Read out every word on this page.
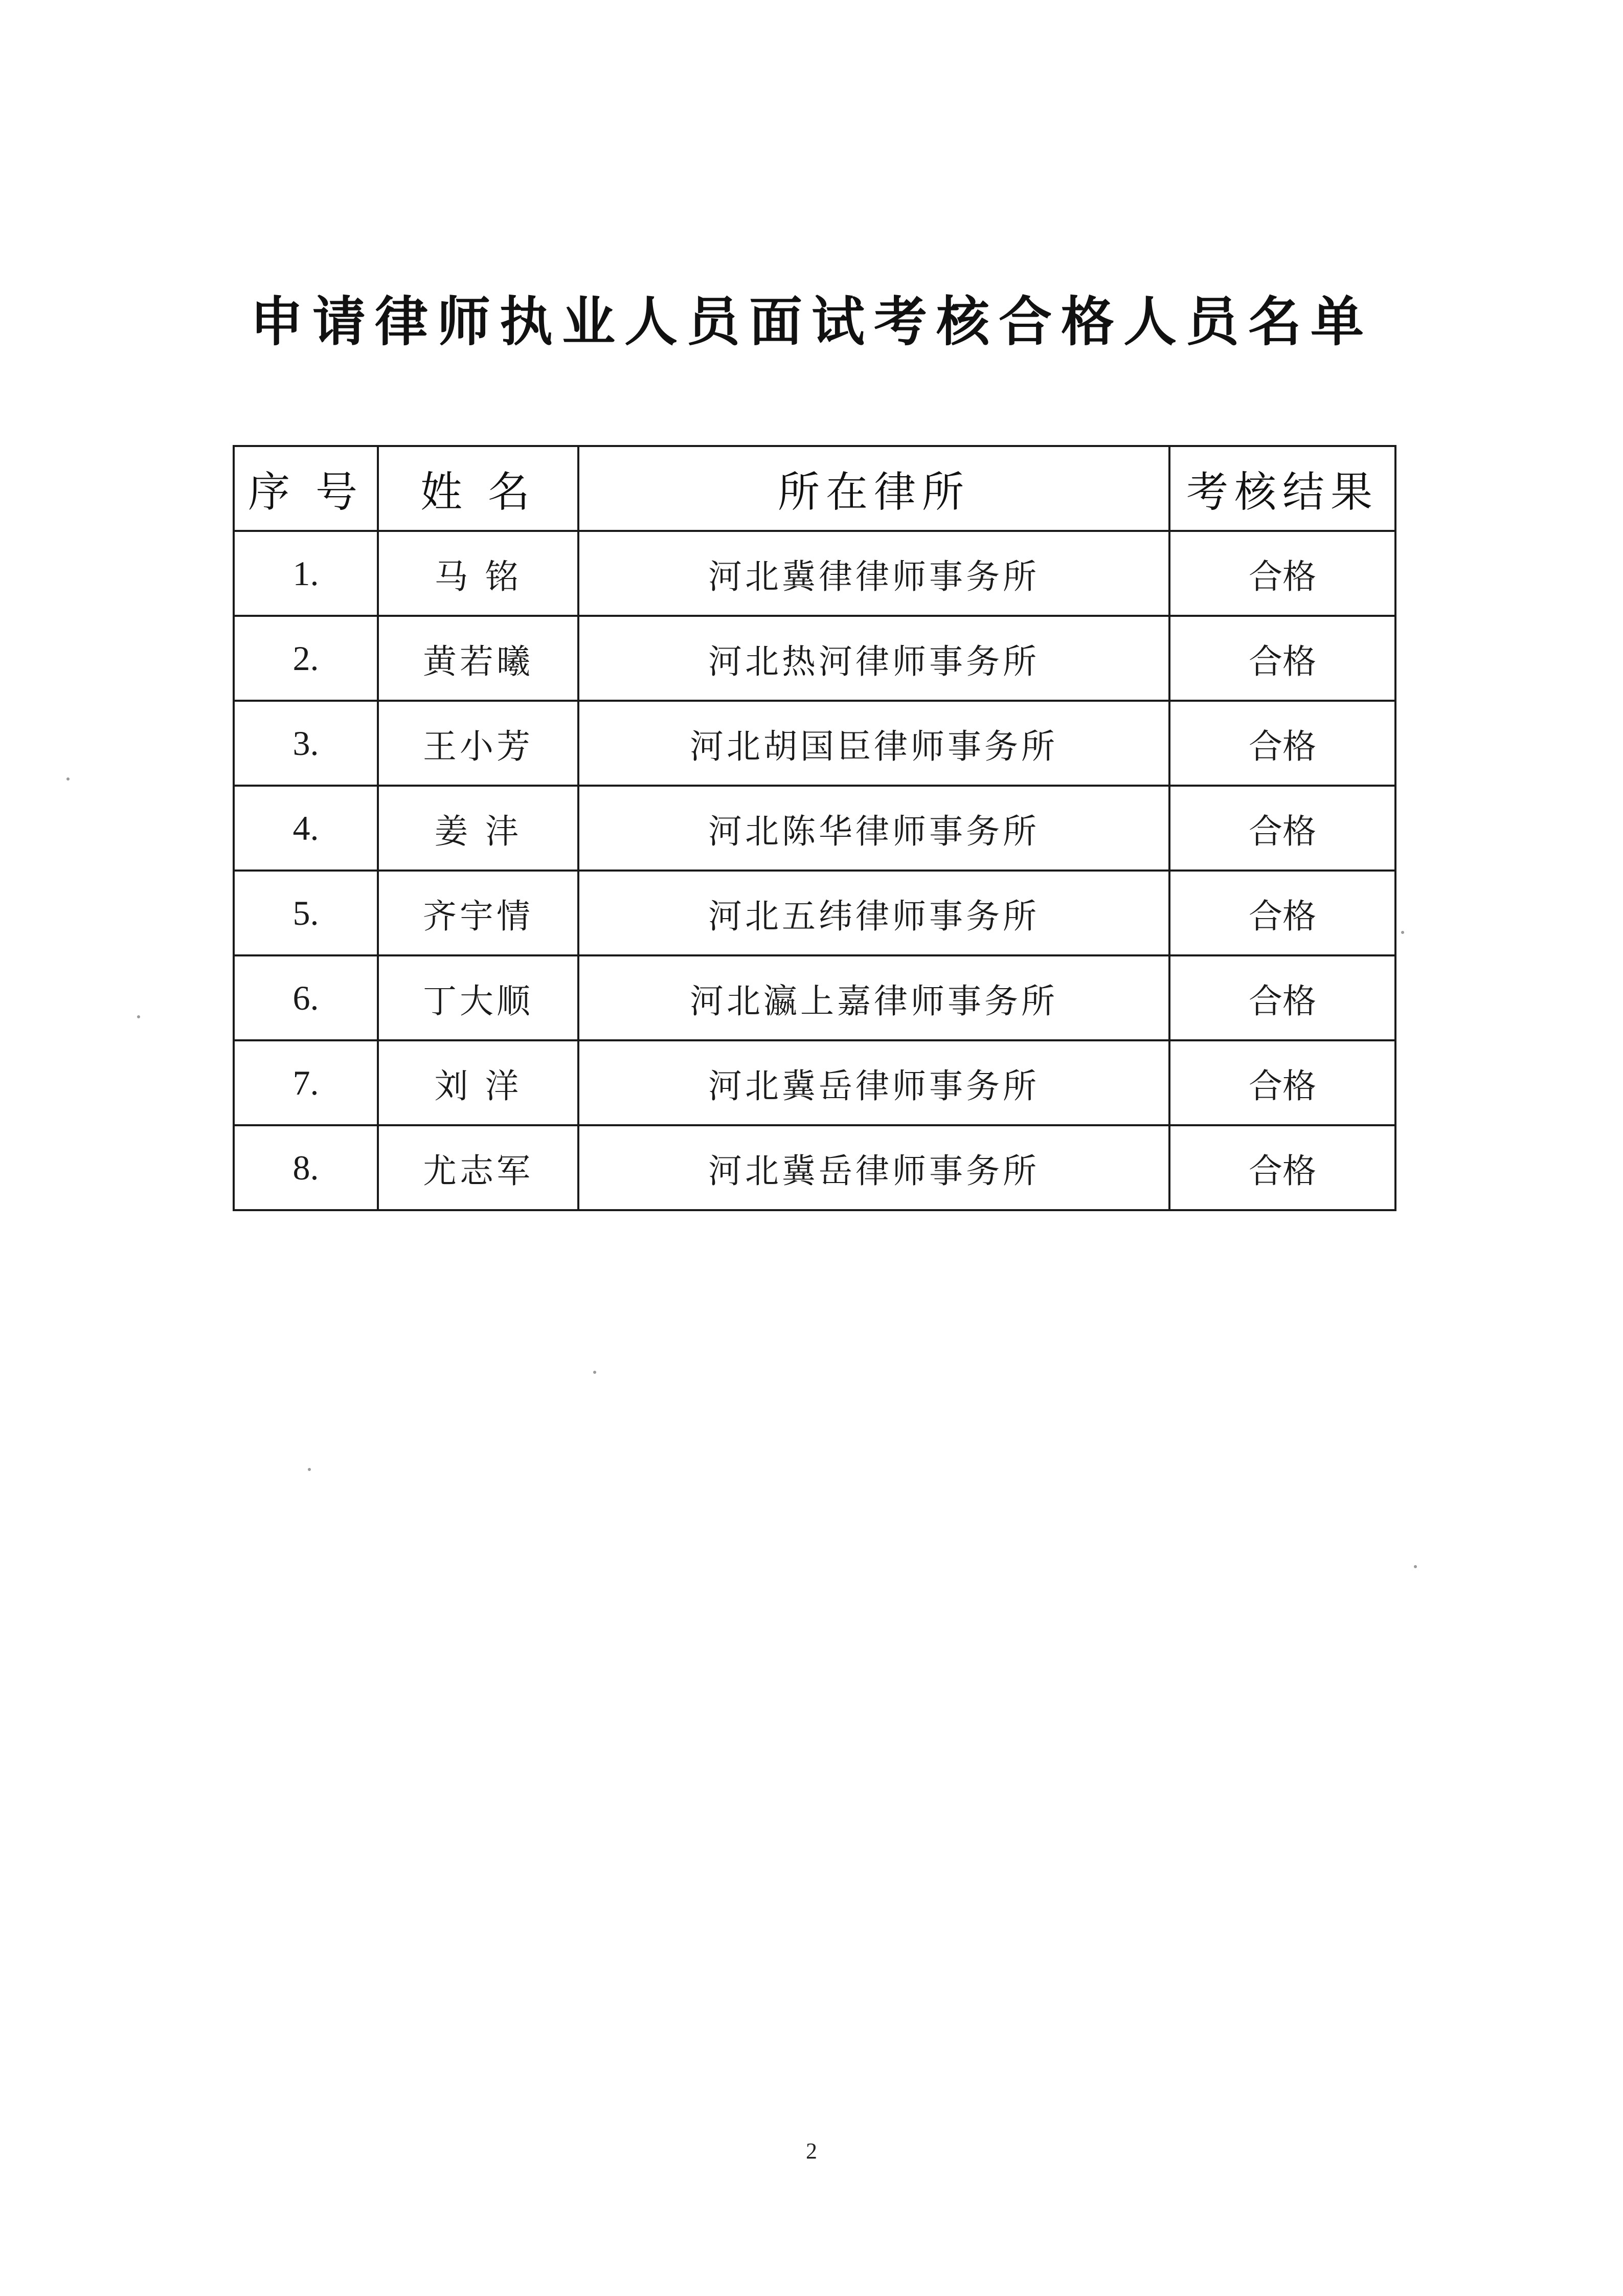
申请律师执业人员面试考核合格人员名单
序 号	姓 名	所在律所	考核结果
1.	马 铭	河北冀律律师事务所	合格
2.	黄若曦	河北热河律师事务所	合格
3.	王小芳	河北胡国臣律师事务所	合格
4.	姜 沣	河北陈华律师事务所	合格
5.	齐宇情	河北五纬律师事务所	合格
6.	丁大顺	河北瀛上嘉律师事务所	合格
7.	刘 洋	河北冀岳律师事务所	合格
8.	尤志军	河北冀岳律师事务所	合格
2
